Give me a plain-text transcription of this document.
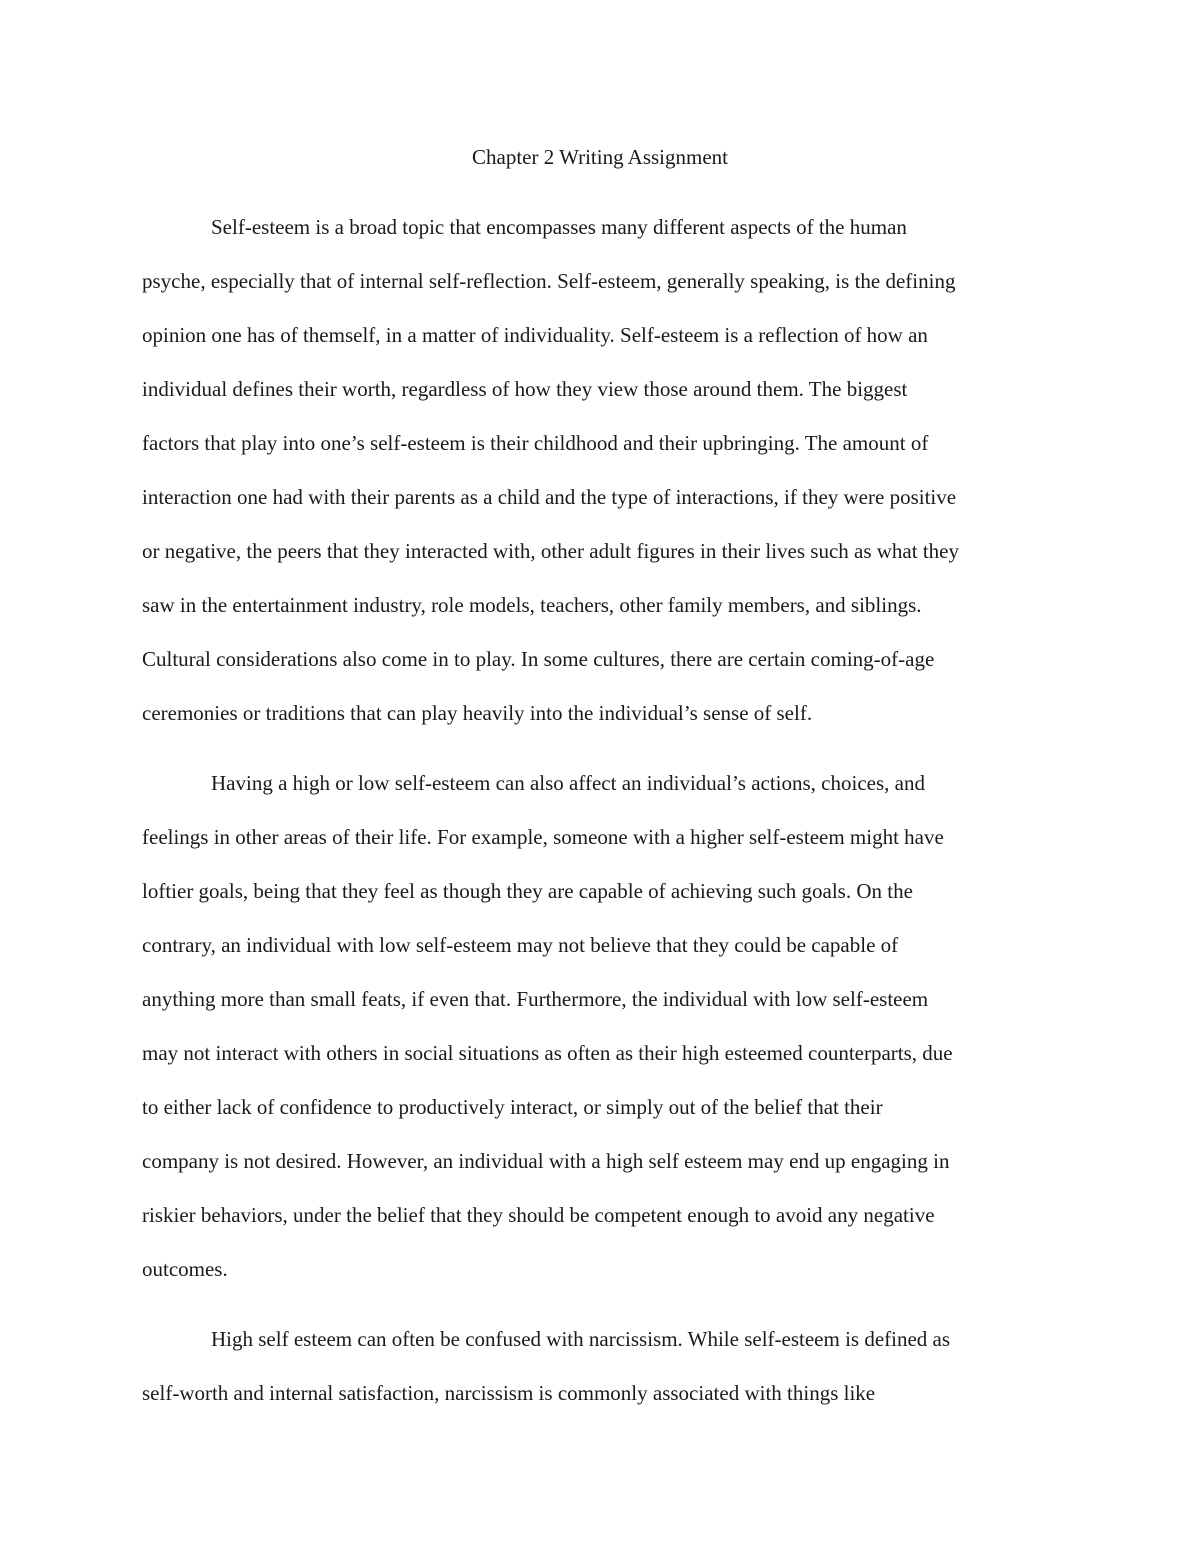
Chapter 2 Writing Assignment
Self-esteem is a broad topic that encompasses many different aspects of the human
psyche, especially that of internal self-reflection. Self-esteem, generally speaking, is the defining
opinion one has of themself, in a matter of individuality. Self-esteem is a reflection of how an
individual defines their worth, regardless of how they view those around them. The biggest
factors that play into one’s self-esteem is their childhood and their upbringing. The amount of
interaction one had with their parents as a child and the type of interactions, if they were positive
or negative, the peers that they interacted with, other adult figures in their lives such as what they
saw in the entertainment industry, role models, teachers, other family members, and siblings.
Cultural considerations also come in to play. In some cultures, there are certain coming-of-age
ceremonies or traditions that can play heavily into the individual’s sense of self.
Having a high or low self-esteem can also affect an individual’s actions, choices, and
feelings in other areas of their life. For example, someone with a higher self-esteem might have
loftier goals, being that they feel as though they are capable of achieving such goals. On the
contrary, an individual with low self-esteem may not believe that they could be capable of
anything more than small feats, if even that. Furthermore, the individual with low self-esteem
may not interact with others in social situations as often as their high esteemed counterparts, due
to either lack of confidence to productively interact, or simply out of the belief that their
company is not desired. However, an individual with a high self esteem may end up engaging in
riskier behaviors, under the belief that they should be competent enough to avoid any negative
outcomes.
High self esteem can often be confused with narcissism. While self-esteem is defined as
self-worth and internal satisfaction, narcissism is commonly associated with things like
